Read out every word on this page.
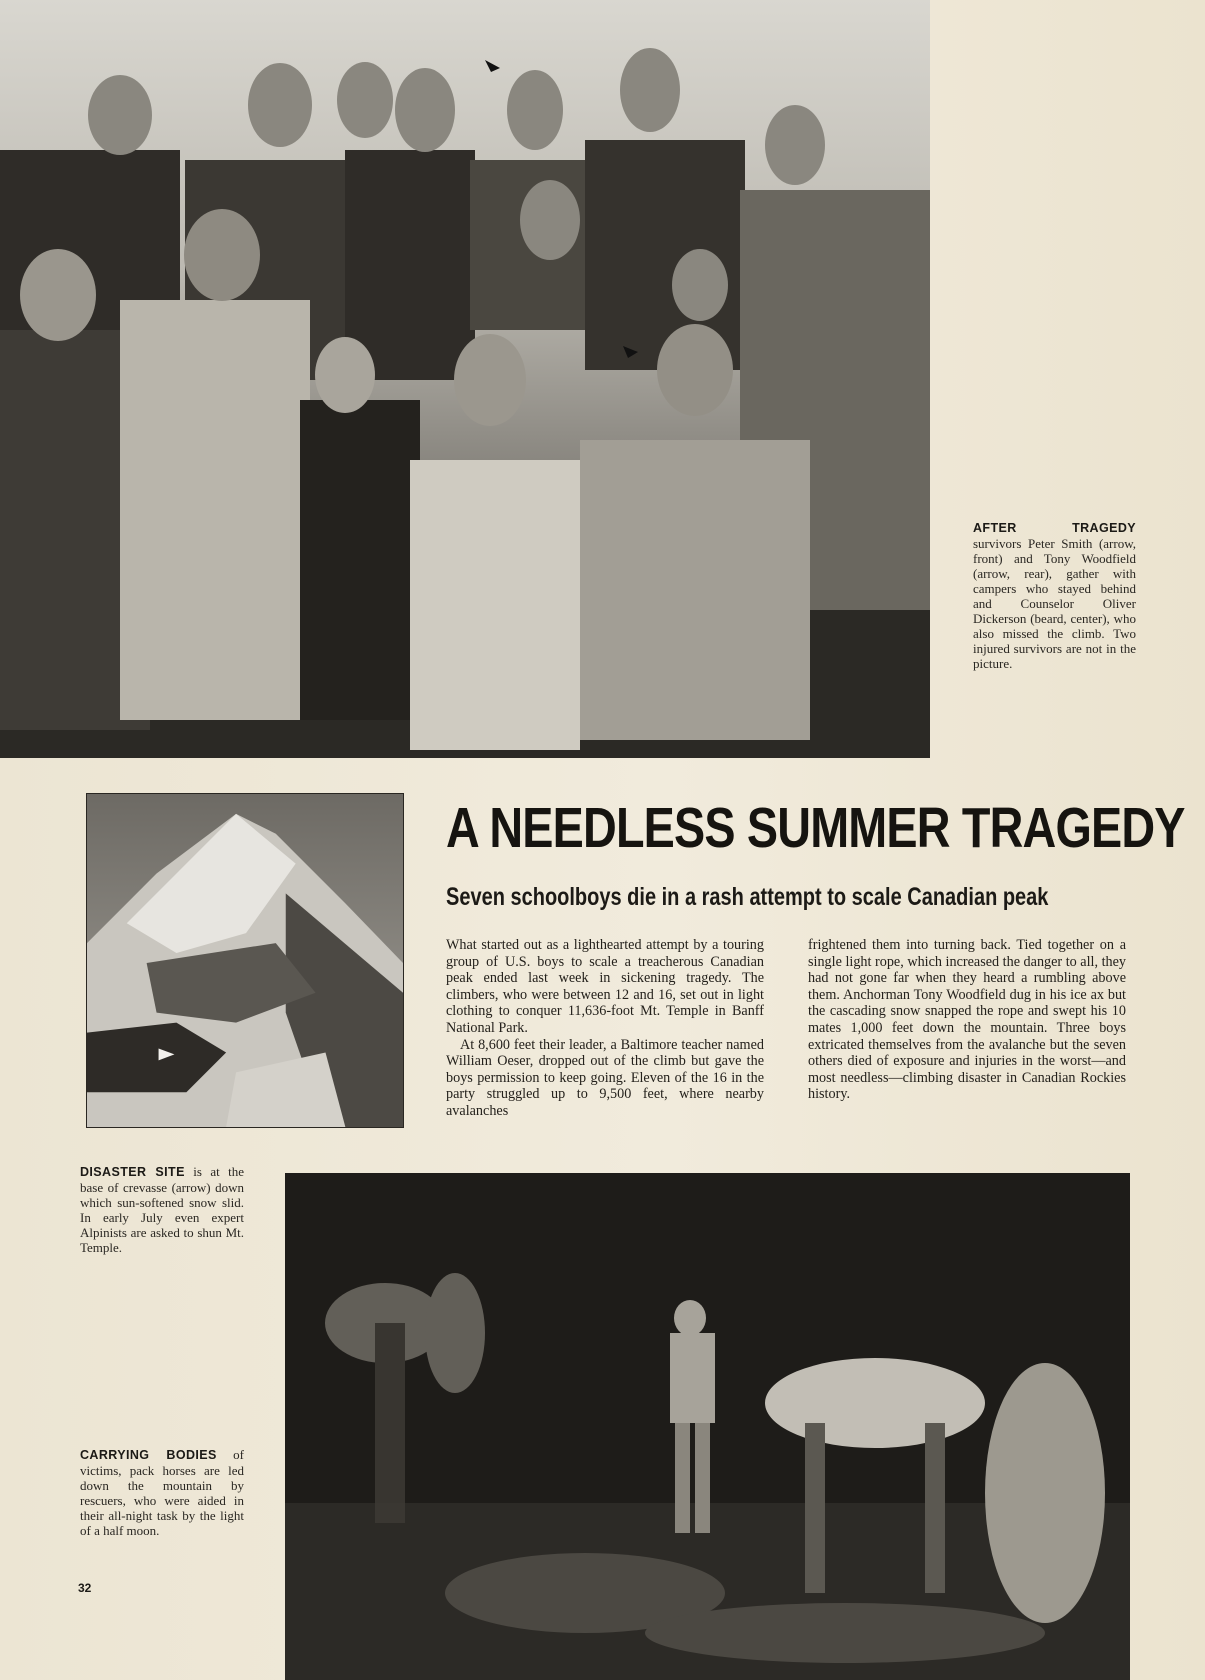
AFTER TRAGEDY survivors Peter Smith (arrow, front) and Tony Woodfield (arrow, rear), gather with campers who stayed behind and Counselor Oliver Dickerson (beard, center), who also missed the climb. Two injured survivors are not in the picture.
A NEEDLESS SUMMER TRAGEDY
Seven schoolboys die in a rash attempt to scale Canadian peak

What started out as a lighthearted attempt by a touring group of U.S. boys to scale a treacherous Canadian peak ended last week in sickening tragedy. The climbers, who were between 12 and 16, set out in light clothing to conquer 11,636-foot Mt. Temple in Banff National Park.

At 8,600 feet their leader, a Baltimore teacher named William Oeser, dropped out of the climb but gave the boys permission to keep going. Eleven of the 16 in the party struggled up to 9,500 feet, where nearby avalanches

frightened them into turning back. Tied together on a single light rope, which increased the danger to all, they had not gone far when they heard a rumbling above them. Anchorman Tony Woodfield dug in his ice ax but the cascading snow snapped the rope and swept his 10 mates 1,000 feet down the mountain. Three boys extricated themselves from the avalanche but the seven others died of exposure and injuries in the worst—and most needless—climbing disaster in Canadian Rockies history.

DISASTER SITE is at the base of crevasse (arrow) down which sun-softened snow slid. In early July even expert Alpinists are asked to shun Mt. Temple.
CARRYING BODIES of victims, pack horses are led down the mountain by rescuers, who were aided in their all-night task by the light of a half moon.
32
